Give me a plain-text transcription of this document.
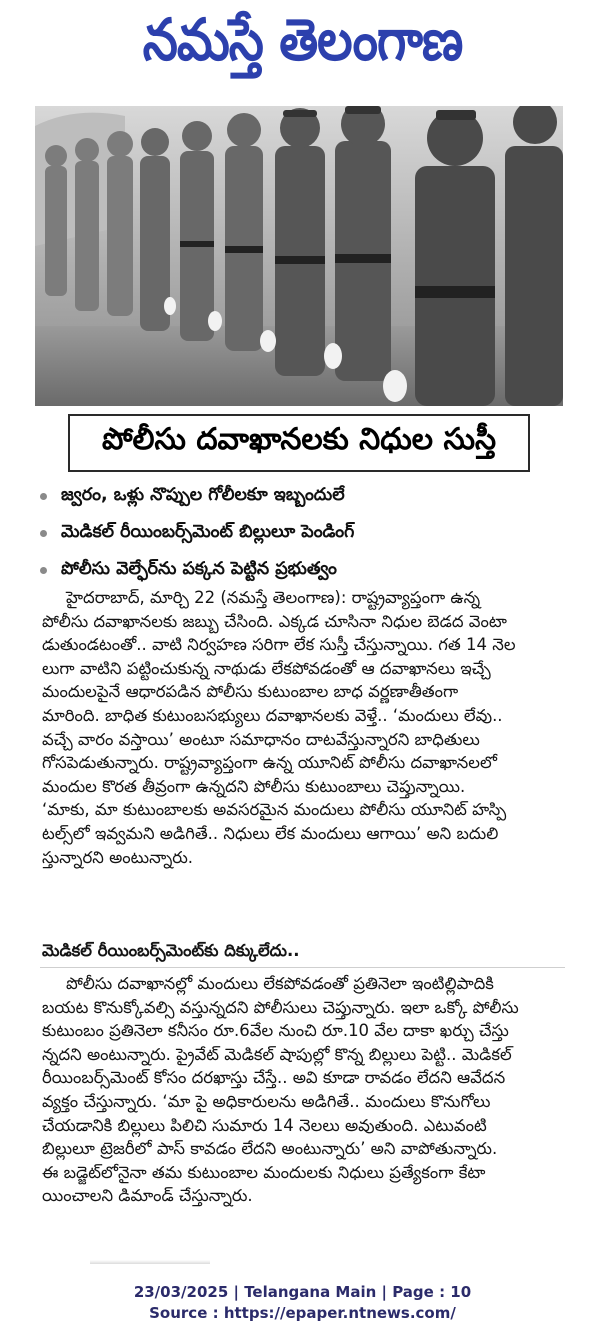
నమస్తే తెలంగాణ
పోలీసు దవాఖానలకు నిధుల సుస్తీ
జ్వరం, ఒళ్లు నొప్పుల గోలీలకూ ఇబ్బందులే
మెడికల్‌ రీయింబర్స్‌మెంట్‌ బిల్లులూ పెండింగ్‌
పోలీసు వెల్ఫేర్‌ను పక్కన పెట్టిన ప్రభుత్వం
హైదరాబాద్‌, మార్చి 22 (నమస్తే తెలంగాణ): రాష్ట్రవ్యాప్తంగా ఉన్న
పోలీసు దవాఖానలకు జబ్బు చేసింది. ఎక్కడ చూసినా నిధుల బెడద వెంటా
డుతుండటంతో.. వాటి నిర్వహణ సరిగా లేక సుస్తీ చేస్తున్నాయి. గత 14 నెల
లుగా వాటిని పట్టించుకున్న నాథుడు లేకపోవడంతో ఆ దవాఖానలు ఇచ్చే
మందులపైనే ఆధారపడిన పోలీసు కుటుంబాల బాధ వర్ణణాతీతంగా
మారింది. బాధిత కుటుంబసభ్యులు దవాఖానలకు వెళ్తే.. ‘మందులు లేవు..
వచ్చే వారం వస్తాయి’ అంటూ సమాధానం దాటవేస్తున్నారని బాధితులు
గోసపెడుతున్నారు. రాష్ట్రవ్యాప్తంగా ఉన్న యూనిట్‌ పోలీసు దవాఖానలలో
మందుల కొరత తీవ్రంగా ఉన్నదని పోలీసు కుటుంబాలు చెప్తున్నాయి.
‘మాకు, మా కుటుంబాలకు అవసరమైన మందులు పోలీసు యూనిట్‌ హస్పి
టల్స్‌లో ఇవ్వమని అడిగితే.. నిధులు లేక మందులు ఆగాయి’ అని బదులి
స్తున్నారని అంటున్నారు.
మెడికల్‌ రీయింబర్స్‌మెంట్‌కు దిక్కులేదు..
పోలీసు దవాఖానల్లో మందులు లేకపోవడంతో ప్రతినెలా ఇంటిల్లిపాదికి
బయట కొనుక్కోవల్సి వస్తున్నదని పోలీసులు చెప్తున్నారు. ఇలా ఒక్కో పోలీసు
కుటుంబం ప్రతినెలా కనీసం రూ.6వేల నుంచి రూ.10 వేల దాకా ఖర్చు చేస్తు
న్నదని అంటున్నారు. ప్రైవేట్‌ మెడికల్‌ షాపుల్లో కొన్న బిల్లులు పెట్టి.. మెడికల్‌
రీయింబర్స్‌మెంట్‌ కోసం దరఖాస్తు చేస్తే.. అవి కూడా రావడం లేదని ఆవేదన
వ్యక్తం చేస్తున్నారు. ‘మా పై అధికారులను అడిగితే.. మందులు కొనుగోలు
చేయడానికి బిల్లులు పిలిచి సుమారు 14 నెలలు అవుతుంది. ఎటువంటి
బిల్లులూ ట్రెజరీలో పాస్‌ కావడం లేదని అంటున్నారు’ అని వాపోతున్నారు.
ఈ బడ్జెట్‌లోనైనా తమ కుటుంబాల మందులకు నిధులు ప్రత్యేకంగా కేటా
యించాలని డిమాండ్‌ చేస్తున్నారు.
23/03/2025 | Telangana Main | Page : 10
Source : https://epaper.ntnews.com/
